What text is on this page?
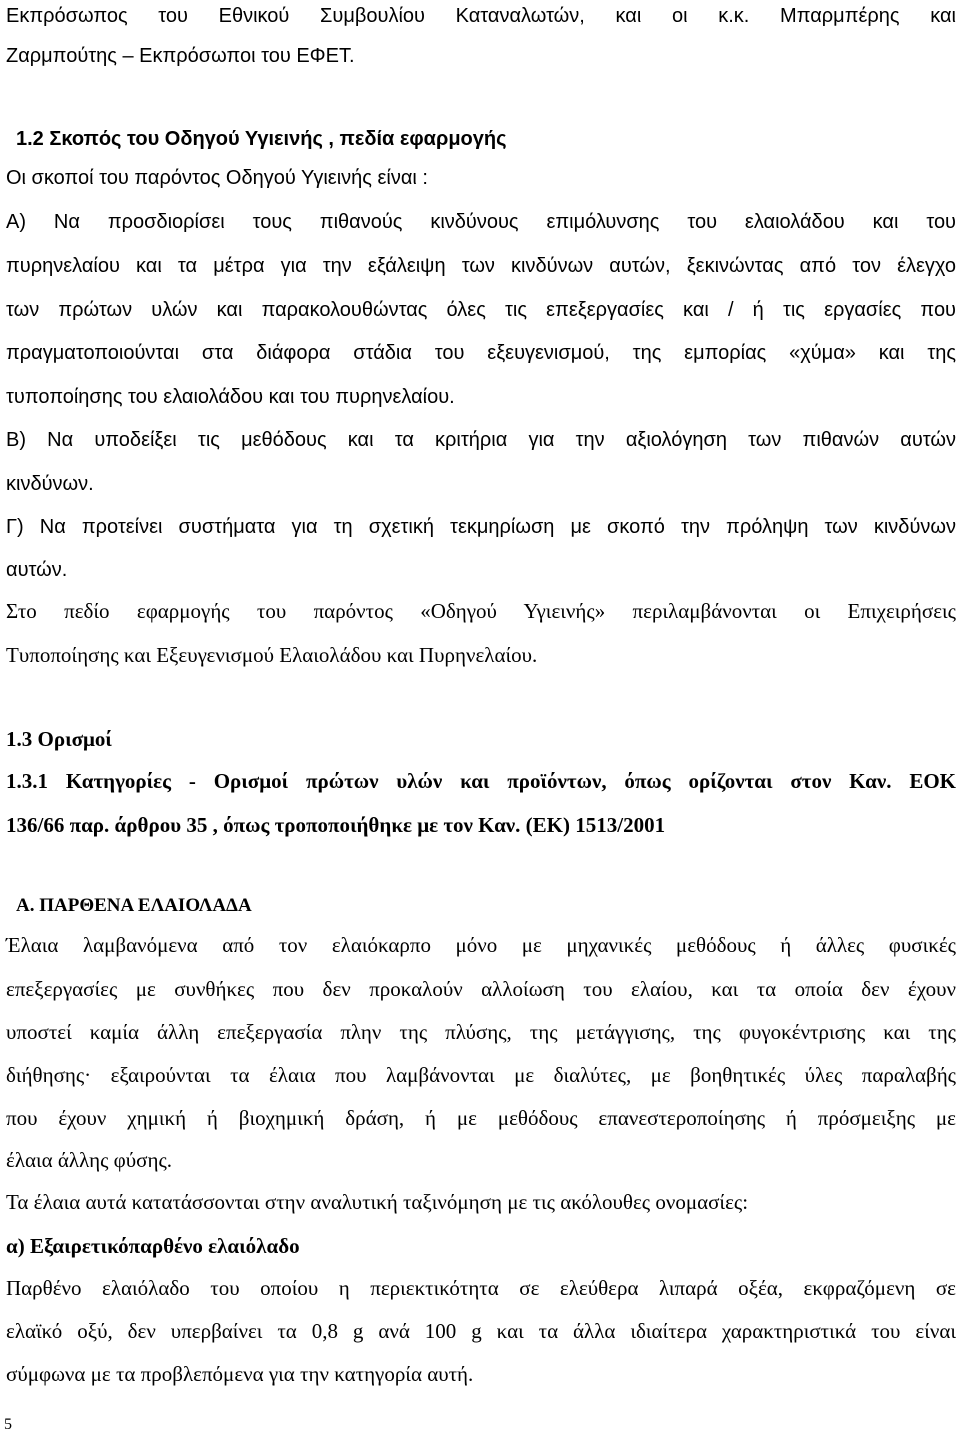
Εκπρόσωπος του Εθνικού Συμβουλίου Καταναλωτών, και οι κ.κ. Μπαρμπέρης και
Ζαρμπούτης – Εκπρόσωποι του ΕΦΕΤ.
1.2 Σκοπός του Οδηγού Υγιεινής , πεδία εφαρμογής
Οι σκοποί του παρόντος Οδηγού Υγιεινής είναι :
Α) Να προσδιορίσει τους πιθανούς κινδύνους επιμόλυνσης του ελαιολάδου και του
πυρηνελαίου και τα μέτρα για την εξάλειψη των κινδύνων αυτών, ξεκινώντας από τον έλεγχο
των πρώτων υλών και παρακολουθώντας όλες τις επεξεργασίες και / ή τις εργασίες που
πραγματοποιούνται στα διάφορα στάδια του εξευγενισμού, της εμπορίας «χύμα» και της
τυποποίησης του ελαιολάδου και του πυρηνελαίου.
Β) Να υποδείξει τις μεθόδους και τα κριτήρια για την αξιολόγηση των πιθανών αυτών
κινδύνων.
Γ) Να προτείνει συστήματα για τη σχετική τεκμηρίωση με σκοπό την πρόληψη των κινδύνων
αυτών.
Στο πεδίο εφαρμογής του παρόντος «Οδηγού Υγιεινής» περιλαμβάνονται οι Επιχειρήσεις
Τυποποίησης και Εξευγενισμού Ελαιολάδου και Πυρηνελαίου.
1.3 Ορισμοί
1.3.1 Κατηγορίες - Ορισμοί πρώτων υλών και προϊόντων, όπως ορίζονται στον Καν. ΕΟΚ
136/66 παρ. άρθρου 35 , όπως τροποποιήθηκε με τον Καν. (ΕΚ) 1513/2001
Α. ΠΑΡΘΕΝΑ ΕΛΑΙΟΛΑΔΑ
Έλαια λαμβανόμενα από τον ελαιόκαρπο μόνο με μηχανικές μεθόδους ή άλλες φυσικές
επεξεργασίες με συνθήκες που δεν προκαλούν αλλοίωση του ελαίου, και τα οποία δεν έχουν
υποστεί καμία άλλη επεξεργασία πλην της πλύσης, της μετάγγισης, της φυγοκέντρισης και της
διήθησης· εξαιρούνται τα έλαια που λαμβάνονται με διαλύτες, με βοηθητικές ύλες παραλαβής
που έχουν χημική ή βιοχημική δράση, ή με μεθόδους επανεστεροποίησης ή πρόσμειξης με
έλαια άλλης φύσης.
Τα έλαια αυτά κατατάσσονται στην αναλυτική ταξινόμηση με τις ακόλουθες ονομασίες:
α) Εξαιρετικόπαρθένο ελαιόλαδο
Παρθένο ελαιόλαδο του οποίου η περιεκτικότητα σε ελεύθερα λιπαρά οξέα, εκφραζόμενη σε
ελαϊκό οξύ, δεν υπερβαίνει τα 0,8 g ανά 100 g και τα άλλα ιδιαίτερα χαρακτηριστικά του είναι
σύμφωνα με τα προβλεπόμενα για την κατηγορία αυτή.
5
